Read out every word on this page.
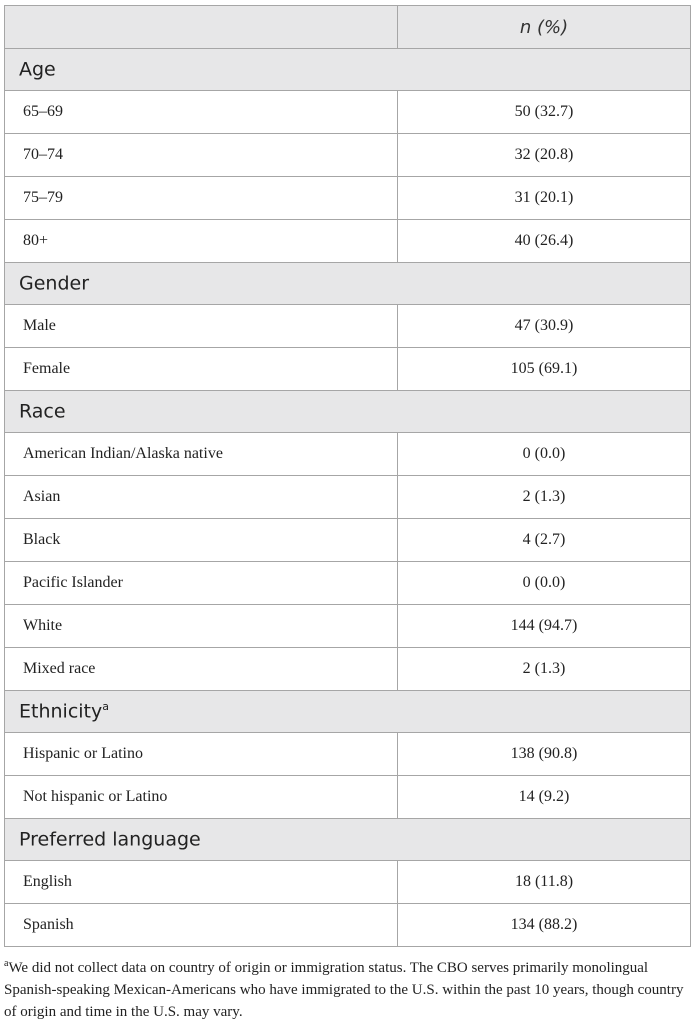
	n (%)
Age	
65–69	50 (32.7)
70–74	32 (20.8)
75–79	31 (20.1)
80+	40 (26.4)
Gender	
Male	47 (30.9)
Female	105 (69.1)
Race	
American Indian/Alaska native	0 (0.0)
Asian	2 (1.3)
Black	4 (2.7)
Pacific Islander	0 (0.0)
White	144 (94.7)
Mixed race	2 (1.3)
Ethnicity$^a$
Hispanic or Latino	138 (90.8)
Not hispanic or Latino	14 (9.2)
Preferred language	
English	18 (11.8)
Spanish	134 (88.2)
$^a$We did not collect data on country of origin or immigration status. The CBO serves primarily monolingual Spanish-speaking Mexican-Americans who have immigrated to the U.S. within the past 10 years, though country of origin and time in the U.S. may vary.
